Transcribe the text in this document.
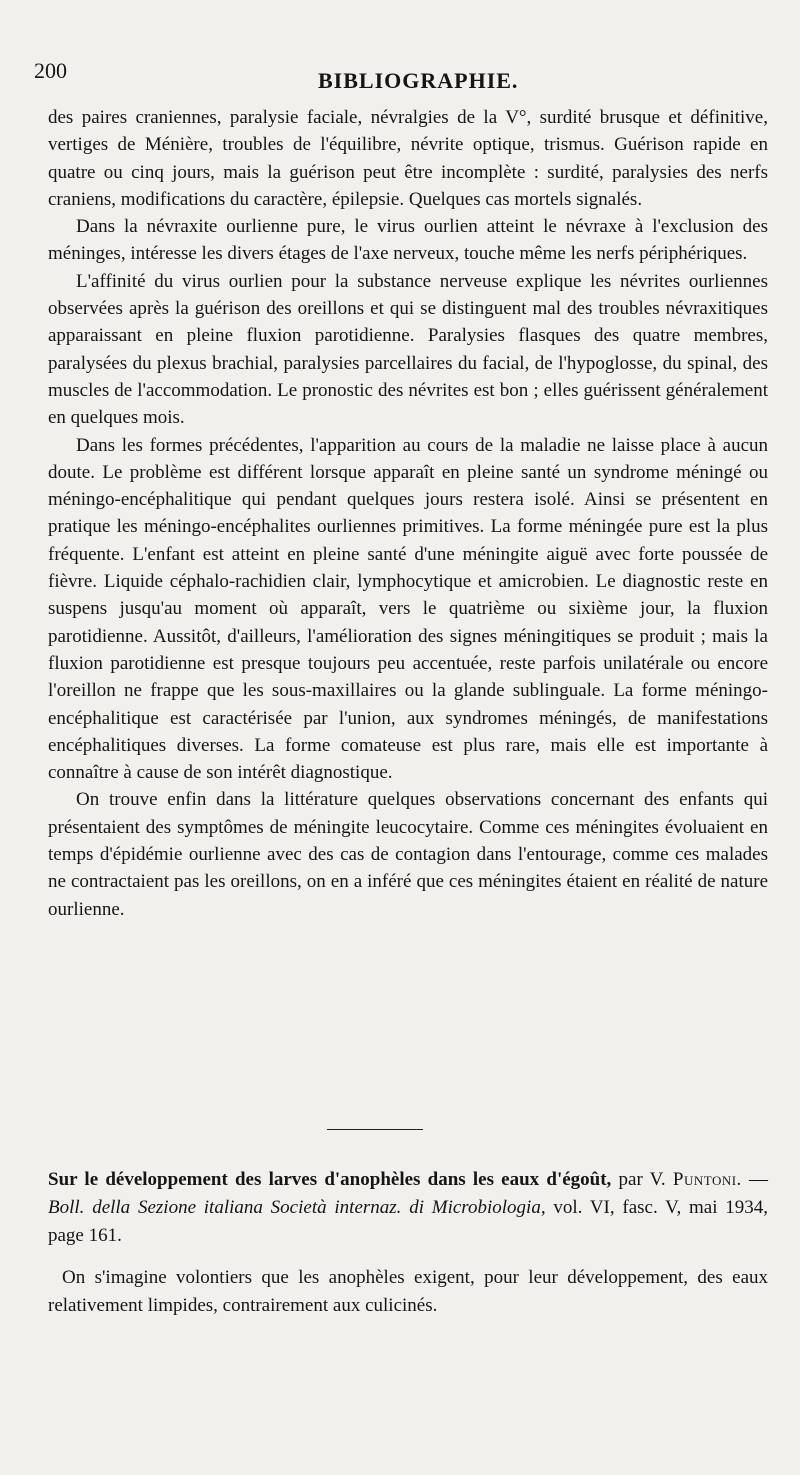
200	BIBLIOGRAPHIE.

des paires craniennes, paralysie faciale, névralgies de la V°, surdité brusque et définitive, vertiges de Ménière, troubles de l'équilibre, névrite optique, trismus. Guérison rapide en quatre ou cinq jours, mais la guérison peut être incomplète : surdité, paralysies des nerfs craniens, modifications du caractère, épilepsie. Quelques cas mortels signalés.

Dans la névraxite ourlienne pure, le virus ourlien atteint le névraxe à l'exclusion des méninges, intéresse les divers étages de l'axe nerveux, touche même les nerfs périphériques.

L'affinité du virus ourlien pour la substance nerveuse explique les névrites ourliennes observées après la guérison des oreillons et qui se distinguent mal des troubles névraxitiques apparaissant en pleine fluxion parotidienne. Paralysies flasques des quatre membres, paralysées du plexus brachial, paralysies parcellaires du facial, de l'hypoglosse, du spinal, des muscles de l'accommodation. Le pronostic des névrites est bon ; elles guérissent généralement en quelques mois.

Dans les formes précédentes, l'apparition au cours de la maladie ne laisse place à aucun doute. Le problème est différent lorsque apparaît en pleine santé un syndrome méningé ou méningo-encéphalitique qui pendant quelques jours restera isolé. Ainsi se présentent en pratique les méningo-encéphalites ourliennes primitives. La forme méningée pure est la plus fréquente. L'enfant est atteint en pleine santé d'une méningite aiguë avec forte poussée de fièvre. Liquide céphalo-rachidien clair, lymphocytique et amicrobien. Le diagnostic reste en suspens jusqu'au moment où apparaît, vers le quatrième ou sixième jour, la fluxion parotidienne. Aussitôt, d'ailleurs, l'amélioration des signes méningitiques se produit ; mais la fluxion parotidienne est presque toujours peu accentuée, reste parfois unilatérale ou encore l'oreillon ne frappe que les sous-maxillaires ou la glande sublinguale. La forme méningo-encéphalitique est caractérisée par l'union, aux syndromes méningés, de manifestations encéphalitiques diverses. La forme comateuse est plus rare, mais elle est importante à connaître à cause de son intérêt diagnostique.

On trouve enfin dans la littérature quelques observations concernant des enfants qui présentaient des symptômes de méningite leucocytaire. Comme ces méningites évoluaient en temps d'épidémie ourlienne avec des cas de contagion dans l'entourage, comme ces malades ne contractaient pas les oreillons, on en a inféré que ces méningites étaient en réalité de nature ourlienne.

Sur le développement des larves d'anophèles dans les eaux d'égoût, par V. Puntoni. — Boll. della Sezione italiana Società internaz. di Microbiologia, vol. VI, fasc. V, mai 1934, page 161.

On s'imagine volontiers que les anophèles exigent, pour leur développement, des eaux relativement limpides, contrairement aux culicinés.
